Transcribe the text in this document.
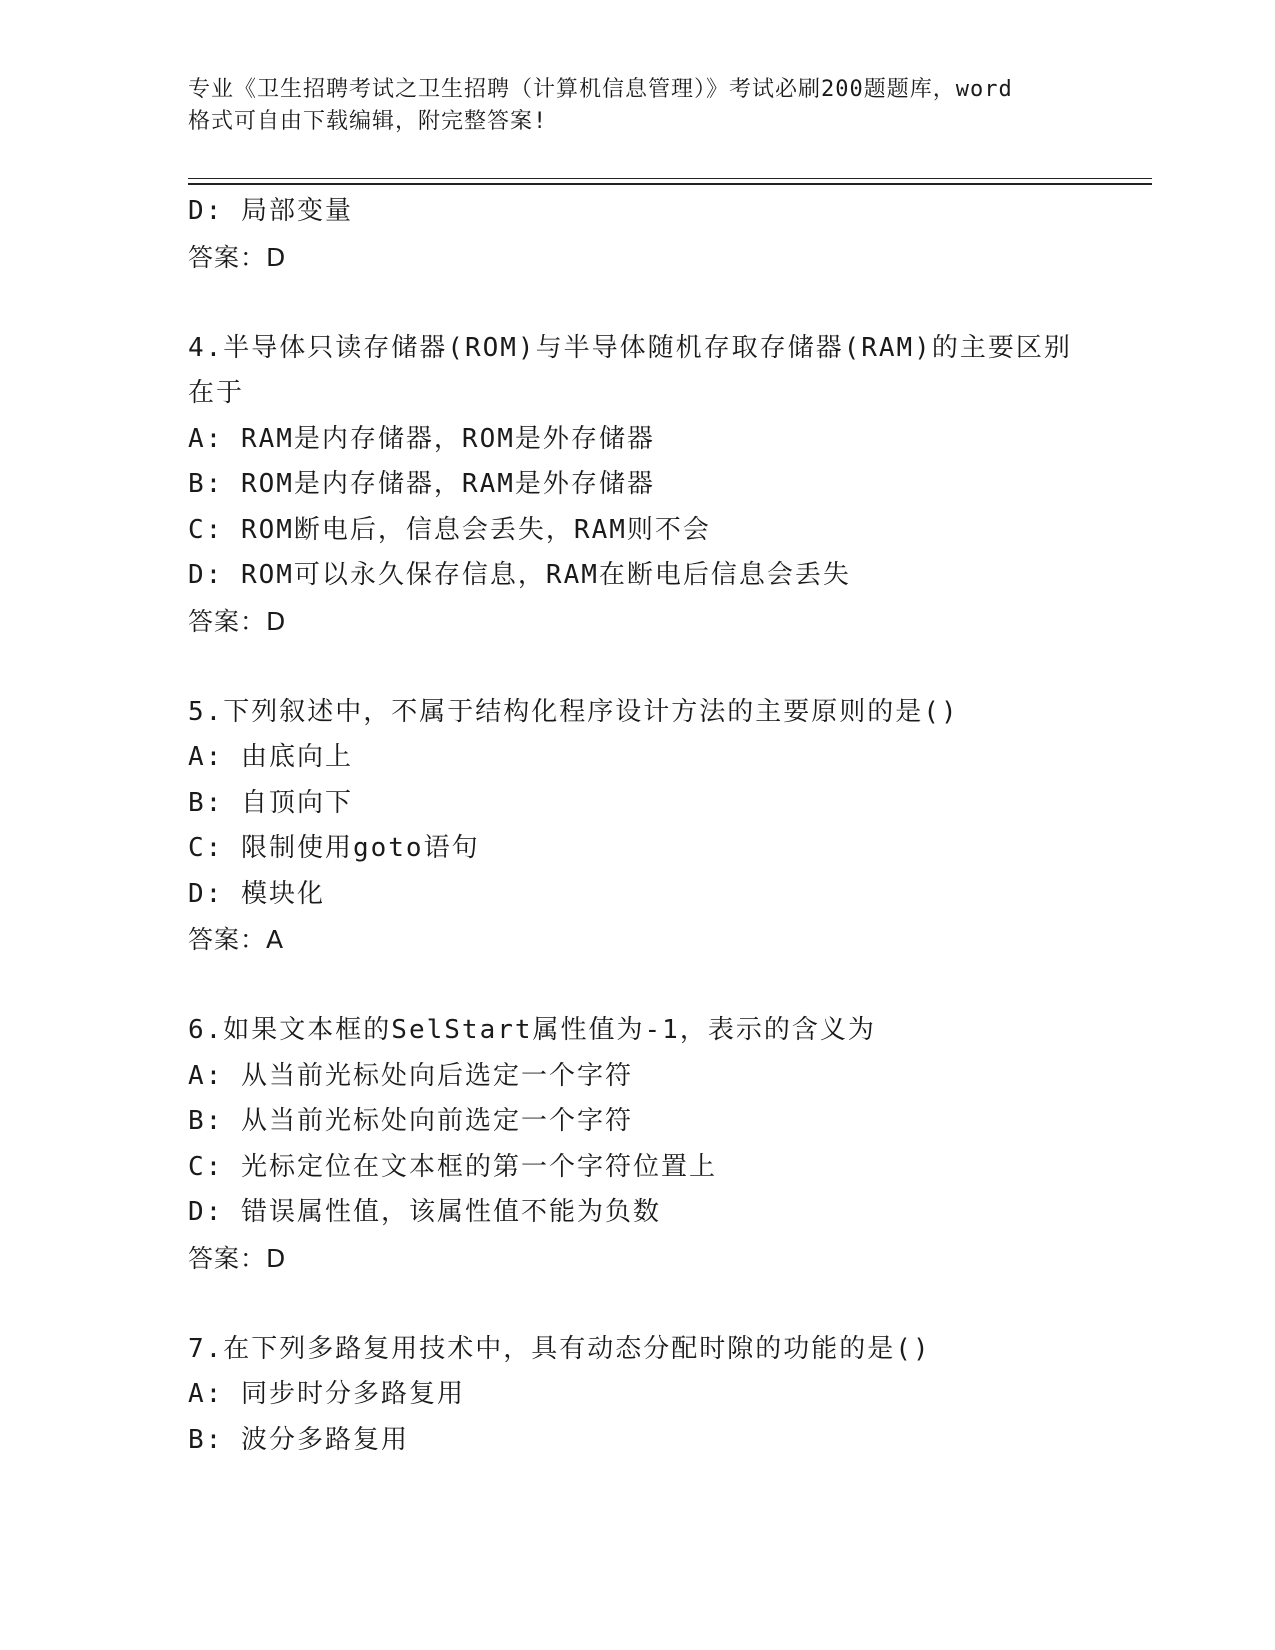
专业《卫生招聘考试之卫生招聘（计算机信息管理）》考试必刷200题题库，word
格式可自由下载编辑，附完整答案!
D: 局部变量
答案：D
4.半导体只读存储器(ROM)与半导体随机存取存储器(RAM)的主要区别
在于
A: RAM是内存储器，ROM是外存储器
B: ROM是内存储器，RAM是外存储器
C: ROM断电后，信息会丢失，RAM则不会
D: ROM可以永久保存信息，RAM在断电后信息会丢失
答案：D
5.下列叙述中，不属于结构化程序设计方法的主要原则的是()
A: 由底向上
B: 自顶向下
C: 限制使用goto语句
D: 模块化
答案：A
6.如果文本框的SelStart属性值为-1，表示的含义为
A: 从当前光标处向后选定一个字符
B: 从当前光标处向前选定一个字符
C: 光标定位在文本框的第一个字符位置上
D: 错误属性值，该属性值不能为负数
答案：D
7.在下列多路复用技术中，具有动态分配时隙的功能的是()
A: 同步时分多路复用
B: 波分多路复用
